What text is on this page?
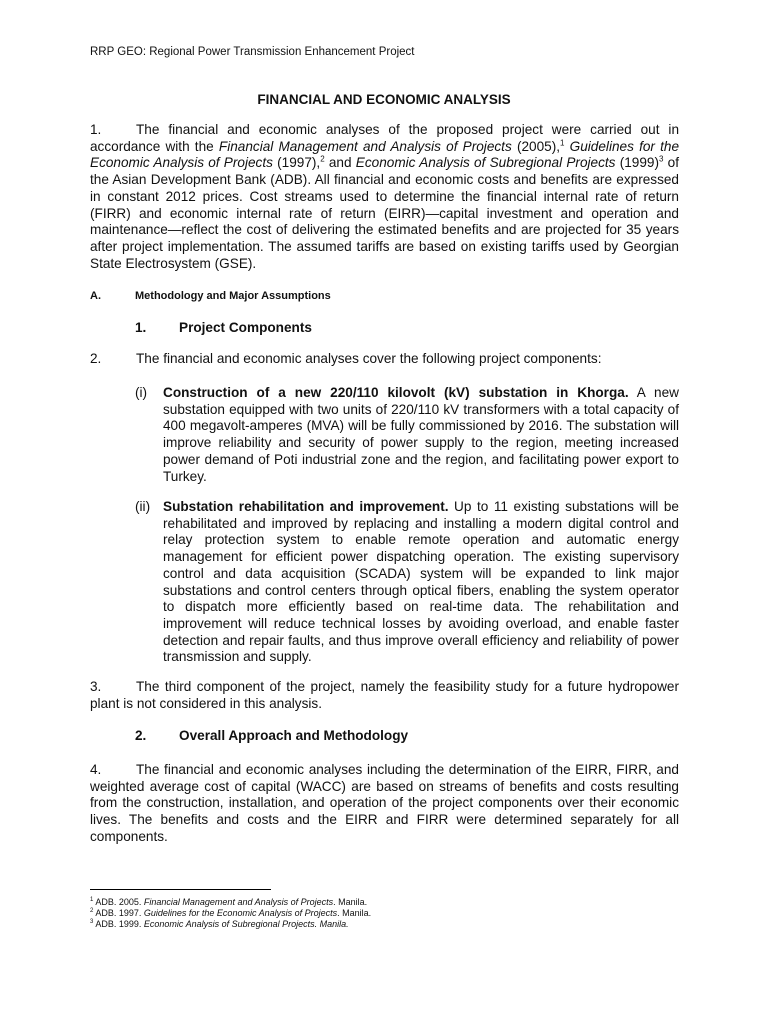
RRP GEO: Regional Power Transmission Enhancement Project
FINANCIAL AND ECONOMIC ANALYSIS
1.	The financial and economic analyses of the proposed project were carried out in accordance with the Financial Management and Analysis of Projects (2005),$^1$ Guidelines for the Economic Analysis of Projects (1997),$^2$ and Economic Analysis of Subregional Projects $(1999)^3$ of the Asian Development Bank (ADB). All financial and economic costs and benefits are expressed in constant 2012 prices. Cost streams used to determine the financial internal rate of return (FIRR) and economic internal rate of return (EIRR)—capital investment and operation and maintenance—reflect the cost of delivering the estimated benefits and are projected for 35 years after project implementation. The assumed tariffs are based on existing tariffs used by Georgian State Electrosystem (GSE).
A.	Methodology and Major Assumptions
1. Project Components
2.	The financial and economic analyses cover the following project components:
(i) Construction of a new 220/110 kilovolt (kV) substation in Khorga. A new substation equipped with two units of 220/110 kV transformers with a total capacity of 400 megavolt-amperes (MVA) will be fully commissioned by 2016. The substation will improve reliability and security of power supply to the region, meeting increased power demand of Poti industrial zone and the region, and facilitating power export to Turkey.
(ii) Substation rehabilitation and improvement. Up to 11 existing substations will be rehabilitated and improved by replacing and installing a modern digital control and relay protection system to enable remote operation and automatic energy management for efficient power dispatching operation. The existing supervisory control and data acquisition (SCADA) system will be expanded to link major substations and control centers through optical fibers, enabling the system operator to dispatch more efficiently based on real-time data. The rehabilitation and improvement will reduce technical losses by avoiding overload, and enable faster detection and repair faults, and thus improve overall efficiency and reliability of power transmission and supply.
3.	The third component of the project, namely the feasibility study for a future hydropower plant is not considered in this analysis.
2. Overall Approach and Methodology
4.	The financial and economic analyses including the determination of the EIRR, FIRR, and weighted average cost of capital (WACC) are based on streams of benefits and costs resulting from the construction, installation, and operation of the project components over their economic lives. The benefits and costs and the EIRR and FIRR were determined separately for all components.
$^1$ ADB. 2005. Financial Management and Analysis of Projects. Manila.
$^2$ ADB. 1997. Guidelines for the Economic Analysis of Projects. Manila.
$^3$ ADB. 1999. Economic Analysis of Subregional Projects. Manila.
